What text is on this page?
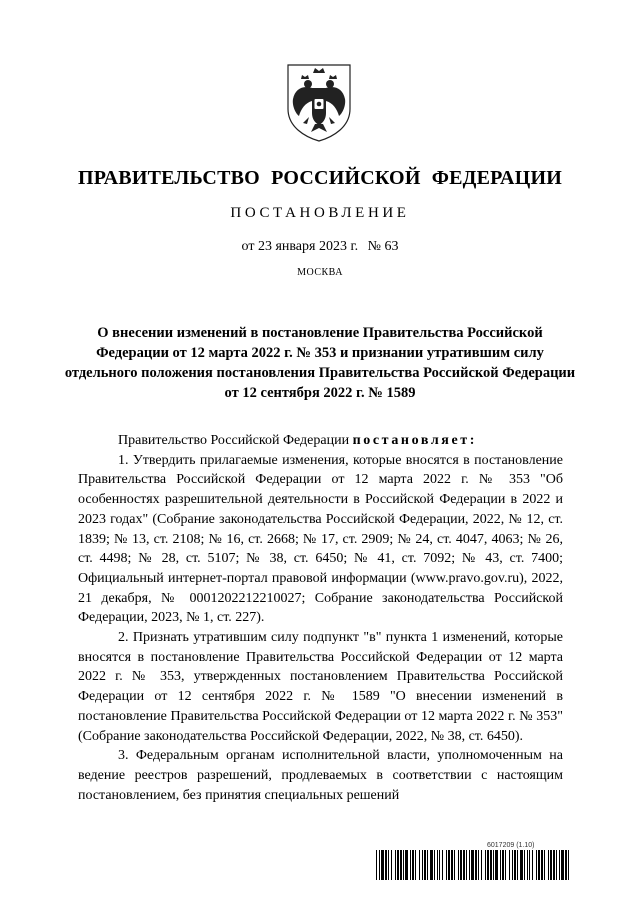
ПРАВИТЕЛЬСТВО РОССИЙСКОЙ ФЕДЕРАЦИИ
ПОСТАНОВЛЕНИЕ
от 23 января 2023 г. № 63
МОСКВА
О внесении изменений в постановление Правительства Российской Федерации от 12 марта 2022 г. № 353 и признании утратившим силу отдельного положения постановления Правительства Российской Федерации от 12 сентября 2022 г. № 1589

Правительство Российской Федерации постановляет:

1. Утвердить прилагаемые изменения, которые вносятся в постановление Правительства Российской Федерации от 12 марта 2022 г. № 353 "Об особенностях разрешительной деятельности в Российской Федерации в 2022 и 2023 годах" (Собрание законодательства Российской Федерации, 2022, № 12, ст. 1839; № 13, ст. 2108; № 16, ст. 2668; № 17, ст. 2909; № 24, ст. 4047, 4063; № 26, ст. 4498; № 28, ст. 5107; № 38, ст. 6450; № 41, ст. 7092; № 43, ст. 7400; Официальный интернет-портал правовой информации (www.pravo.gov.ru), 2022, 21 декабря, № 0001202212210027; Собрание законодательства Российской Федерации, 2023, № 1, ст. 227).

2. Признать утратившим силу подпункт "в" пункта 1 изменений, которые вносятся в постановление Правительства Российской Федерации от 12 марта 2022 г. № 353, утвержденных постановлением Правительства Российской Федерации от 12 сентября 2022 г. № 1589 "О внесении изменений в постановление Правительства Российской Федерации от 12 марта 2022 г. № 353" (Собрание законодательства Российской Федерации, 2022, № 38, ст. 6450).

3. Федеральным органам исполнительной власти, уполномоченным на ведение реестров разрешений, продлеваемых в соответствии с настоящим постановлением, без принятия специальных решений

6017209 (1.10)
